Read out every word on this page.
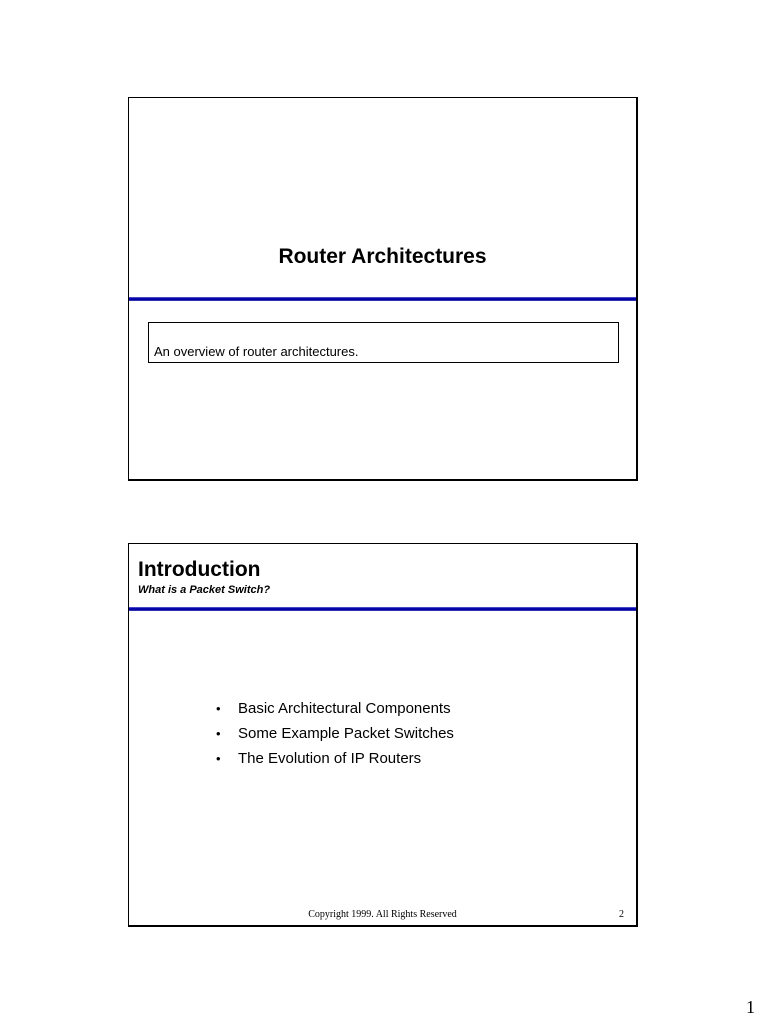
Router Architectures
An overview of router architectures.
Introduction
What is a Packet Switch?
• Basic Architectural Components
• Some Example Packet Switches
• The Evolution of IP Routers
Copyright 1999. All Rights Reserved	2
1
